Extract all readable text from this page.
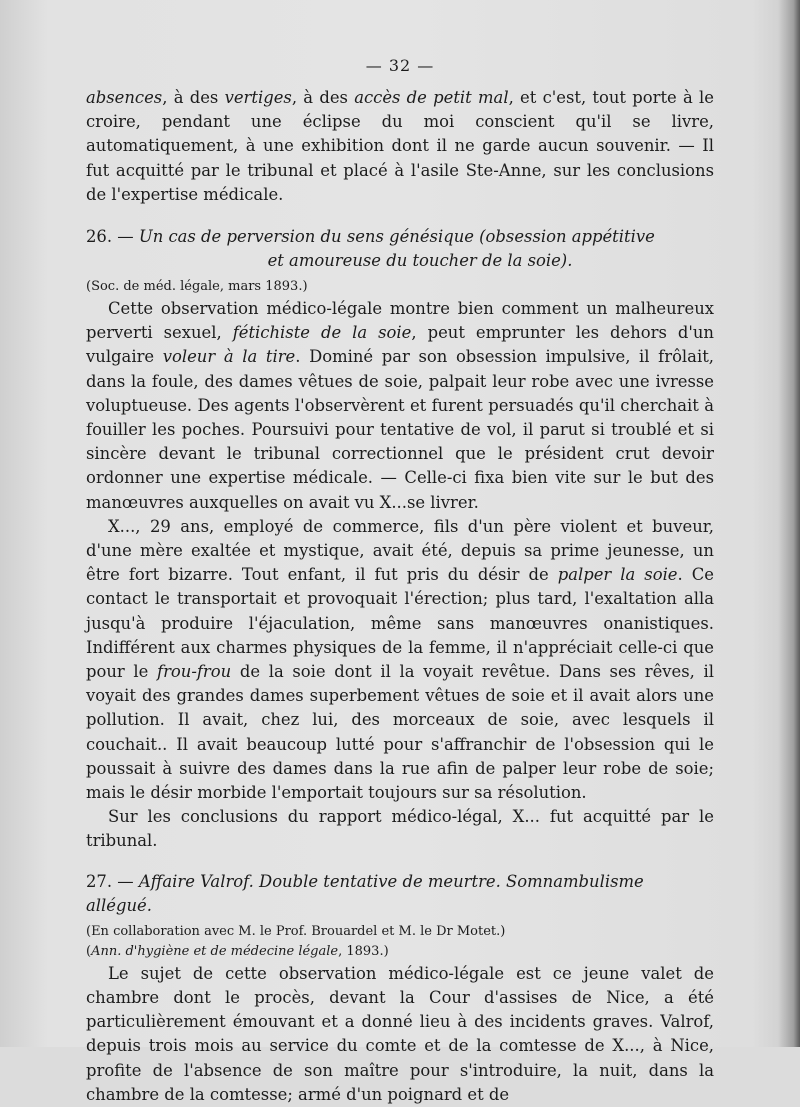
— 32 —

absences, à des vertiges, à des accès de petit mal, et c'est, tout porte à le croire, pendant une éclipse du moi conscient qu'il se livre, automatiquement, à une exhibition dont il ne garde aucun souvenir. — Il fut acquitté par le tribunal et placé à l'asile Ste-Anne, sur les conclusions de l'expertise médicale.

26. — Un cas de perversion du sens génésique (obsession appétitive
et amoureuse du toucher de la soie).

(Soc. de méd. légale, mars 1893.)

Cette observation médico-légale montre bien comment un malheureux perverti sexuel, fétichiste de la soie, peut emprunter les dehors d'un vulgaire voleur à la tire. Dominé par son obsession impulsive, il frôlait, dans la foule, des dames vêtues de soie, palpait leur robe avec une ivresse voluptueuse. Des agents l'observèrent et furent persuadés qu'il cherchait à fouiller les poches. Poursuivi pour tentative de vol, il parut si troublé et si sincère devant le tribunal correctionnel que le président crut devoir ordonner une expertise médicale. — Celle-ci fixa bien vite sur le but des manœuvres auxquelles on avait vu X...se livrer.

X..., 29 ans, employé de commerce, fils d'un père violent et buveur, d'une mère exaltée et mystique, avait été, depuis sa prime jeunesse, un être fort bizarre. Tout enfant, il fut pris du désir de palper la soie. Ce contact le transportait et provoquait l'érection; plus tard, l'exaltation alla jusqu'à produire l'éjaculation, même sans manœuvres onanistiques. Indifférent aux charmes physiques de la femme, il n'appréciait celle-ci que pour le frou-frou de la soie dont il la voyait revêtue. Dans ses rêves, il voyait des grandes dames superbement vêtues de soie et il avait alors une pollution. Il avait, chez lui, des morceaux de soie, avec lesquels il couchait.. Il avait beaucoup lutté pour s'affranchir de l'obsession qui le poussait à suivre des dames dans la rue afin de palper leur robe de soie; mais le désir morbide l'emportait toujours sur sa résolution.

Sur les conclusions du rapport médico-légal, X... fut acquitté par le tribunal.

27. — Affaire Valrof. Double tentative de meurtre. Somnambulisme allégué.

(En collaboration avec M. le Prof. Brouardel et M. le Dr Motet.)

(Ann. d'hygiène et de médecine légale, 1893.)

Le sujet de cette observation médico-légale est ce jeune valet de chambre dont le procès, devant la Cour d'assises de Nice, a été particulièrement émouvant et a donné lieu à des incidents graves. Valrof, depuis trois mois au service du comte et de la comtesse de X..., à Nice, profite de l'absence de son maître pour s'introduire, la nuit, dans la chambre de la comtesse; armé d'un poignard et de
